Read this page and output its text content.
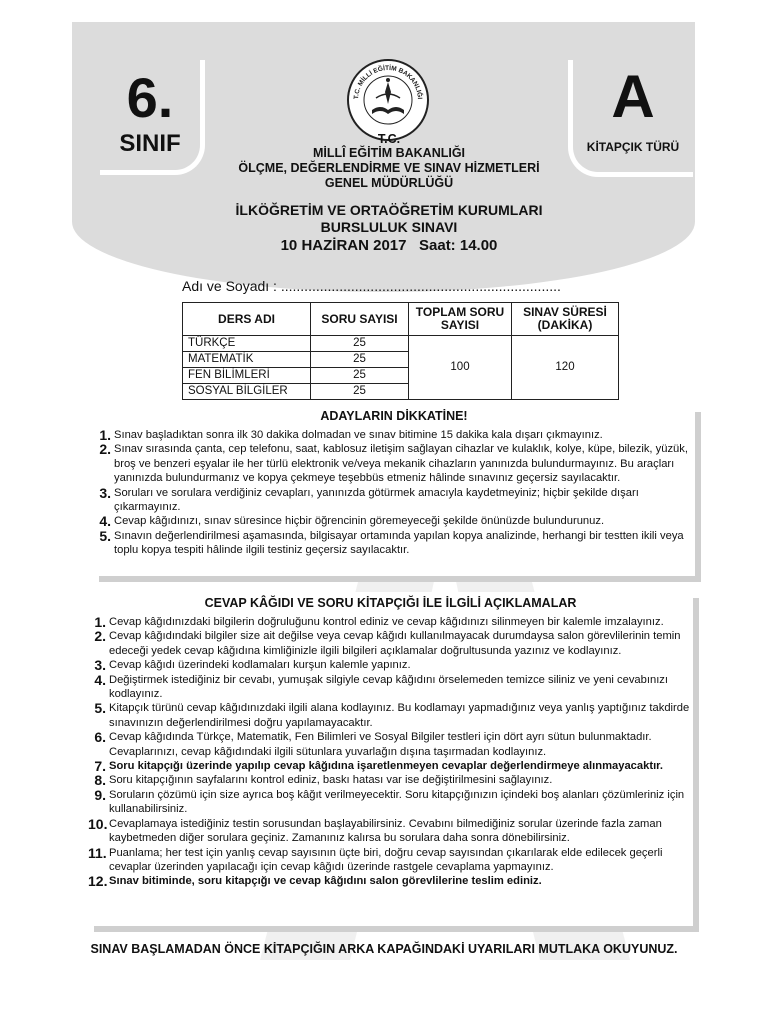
6.
SINIF
A
KİTAPÇIK TÜRÜ
T.C. MİLLİ EĞİTİM BAKANLIĞI
T.C.
MİLLÎ EĞİTİM BAKANLIĞI
ÖLÇME, DEĞERLENDİRME VE SINAV HİZMETLERİ
GENEL MÜDÜRLÜĞÜ
İLKÖĞRETİM VE ORTAÖĞRETİM KURUMLARI
BURSLULUK SINAVI
10 HAZİRAN 2017 Saat: 14.00
Adı ve Soyadı : ........................................................................
DERS ADI	SORU SAYISI	TOPLAM SORU SAYISI	SINAV SÜRESİ (DAKİKA)
TÜRKÇE	25	100	120
MATEMATİK	25		
FEN BİLİMLERİ	25		
SOSYAL BİLGİLER	25		
ADAYLARIN DİKKATİNE!
1. Sınav başladıktan sonra ilk 30 dakika dolmadan ve sınav bitimine 15 dakika kala dışarı çıkmayınız.
2. Sınav sırasında çanta, cep telefonu, saat, kablosuz iletişim sağlayan cihazlar ve kulaklık, kolye, küpe, bilezik, yüzük, broş ve benzeri eşyalar ile her türlü elektronik ve/veya mekanik cihazların yanınızda bulundurmayınız. Bu araçları yanınızda bulundurmanız ve kopya çekmeye teşebbüs etmeniz hâlinde sınavınız geçersiz sayılacaktır.
3. Soruları ve sorulara verdiğiniz cevapları, yanınızda götürmek amacıyla kaydetmeyiniz; hiçbir şekilde dışarı çıkarmayınız.
4. Cevap kâğıdınızı, sınav süresince hiçbir öğrencinin göremeyeceği şekilde önünüzde bulundurunuz.
5. Sınavın değerlendirilmesi aşamasında, bilgisayar ortamında yapılan kopya analizinde, herhangi bir testten ikili veya toplu kopya tespiti hâlinde ilgili testiniz geçersiz sayılacaktır.
CEVAP KÂĞIDI VE SORU KİTAPÇIĞI İLE İLGİLİ AÇIKLAMALAR
1. Cevap kâğıdınızdaki bilgilerin doğruluğunu kontrol ediniz ve cevap kâğıdınızı silinmeyen bir kalemle imzalayınız.
2. Cevap kâğıdındaki bilgiler size ait değilse veya cevap kâğıdı kullanılmayacak durumdaysa salon görevlilerinin temin edeceği yedek cevap kâğıdına kimliğinizle ilgili bilgileri açıklamalar doğrultusunda yazınız ve kodlayınız.
3. Cevap kâğıdı üzerindeki kodlamaları kurşun kalemle yapınız.
4. Değiştirmek istediğiniz bir cevabı, yumuşak silgiyle cevap kâğıdını örselemeden temizce siliniz ve yeni cevabınızı kodlayınız.
5. Kitapçık türünü cevap kâğıdınızdaki ilgili alana kodlayınız. Bu kodlamayı yapmadığınız veya yanlış yaptığınız takdirde sınavınızın değerlendirilmesi doğru yapılamayacaktır.
6. Cevap kâğıdında Türkçe, Matematik, Fen Bilimleri ve Sosyal Bilgiler testleri için dört ayrı sütun bulunmaktadır. Cevaplarınızı, cevap kâğıdındaki ilgili sütunlara yuvarlağın dışına taşırmadan kodlayınız.
7. Soru kitapçığı üzerinde yapılıp cevap kâğıdına işaretlenmeyen cevaplar değerlendirmeye alınmayacaktır.
8. Soru kitapçığının sayfalarını kontrol ediniz, baskı hatası var ise değiştirilmesini sağlayınız.
9. Soruların çözümü için size ayrıca boş kâğıt verilmeyecektir. Soru kitapçığınızın içindeki boş alanları çözümleriniz için kullanabilirsiniz.
10. Cevaplamaya istediğiniz testin sorusundan başlayabilirsiniz. Cevabını bilmediğiniz sorular üzerinde fazla zaman kaybetmeden diğer sorulara geçiniz. Zamanınız kalırsa bu sorulara daha sonra dönebilirsiniz.
11. Puanlama; her test için yanlış cevap sayısının üçte biri, doğru cevap sayısından çıkarılarak elde edilecek geçerli cevaplar üzerinden yapılacağı için cevap kâğıdı üzerinde rastgele cevaplama yapmayınız.
12. Sınav bitiminde, soru kitapçığı ve cevap kâğıdını salon görevlilerine teslim ediniz.
SINAV BAŞLAMADAN ÖNCE KİTAPÇIĞIN ARKA KAPAĞINDAKİ UYARILARI MUTLAKA OKUYUNUZ.
